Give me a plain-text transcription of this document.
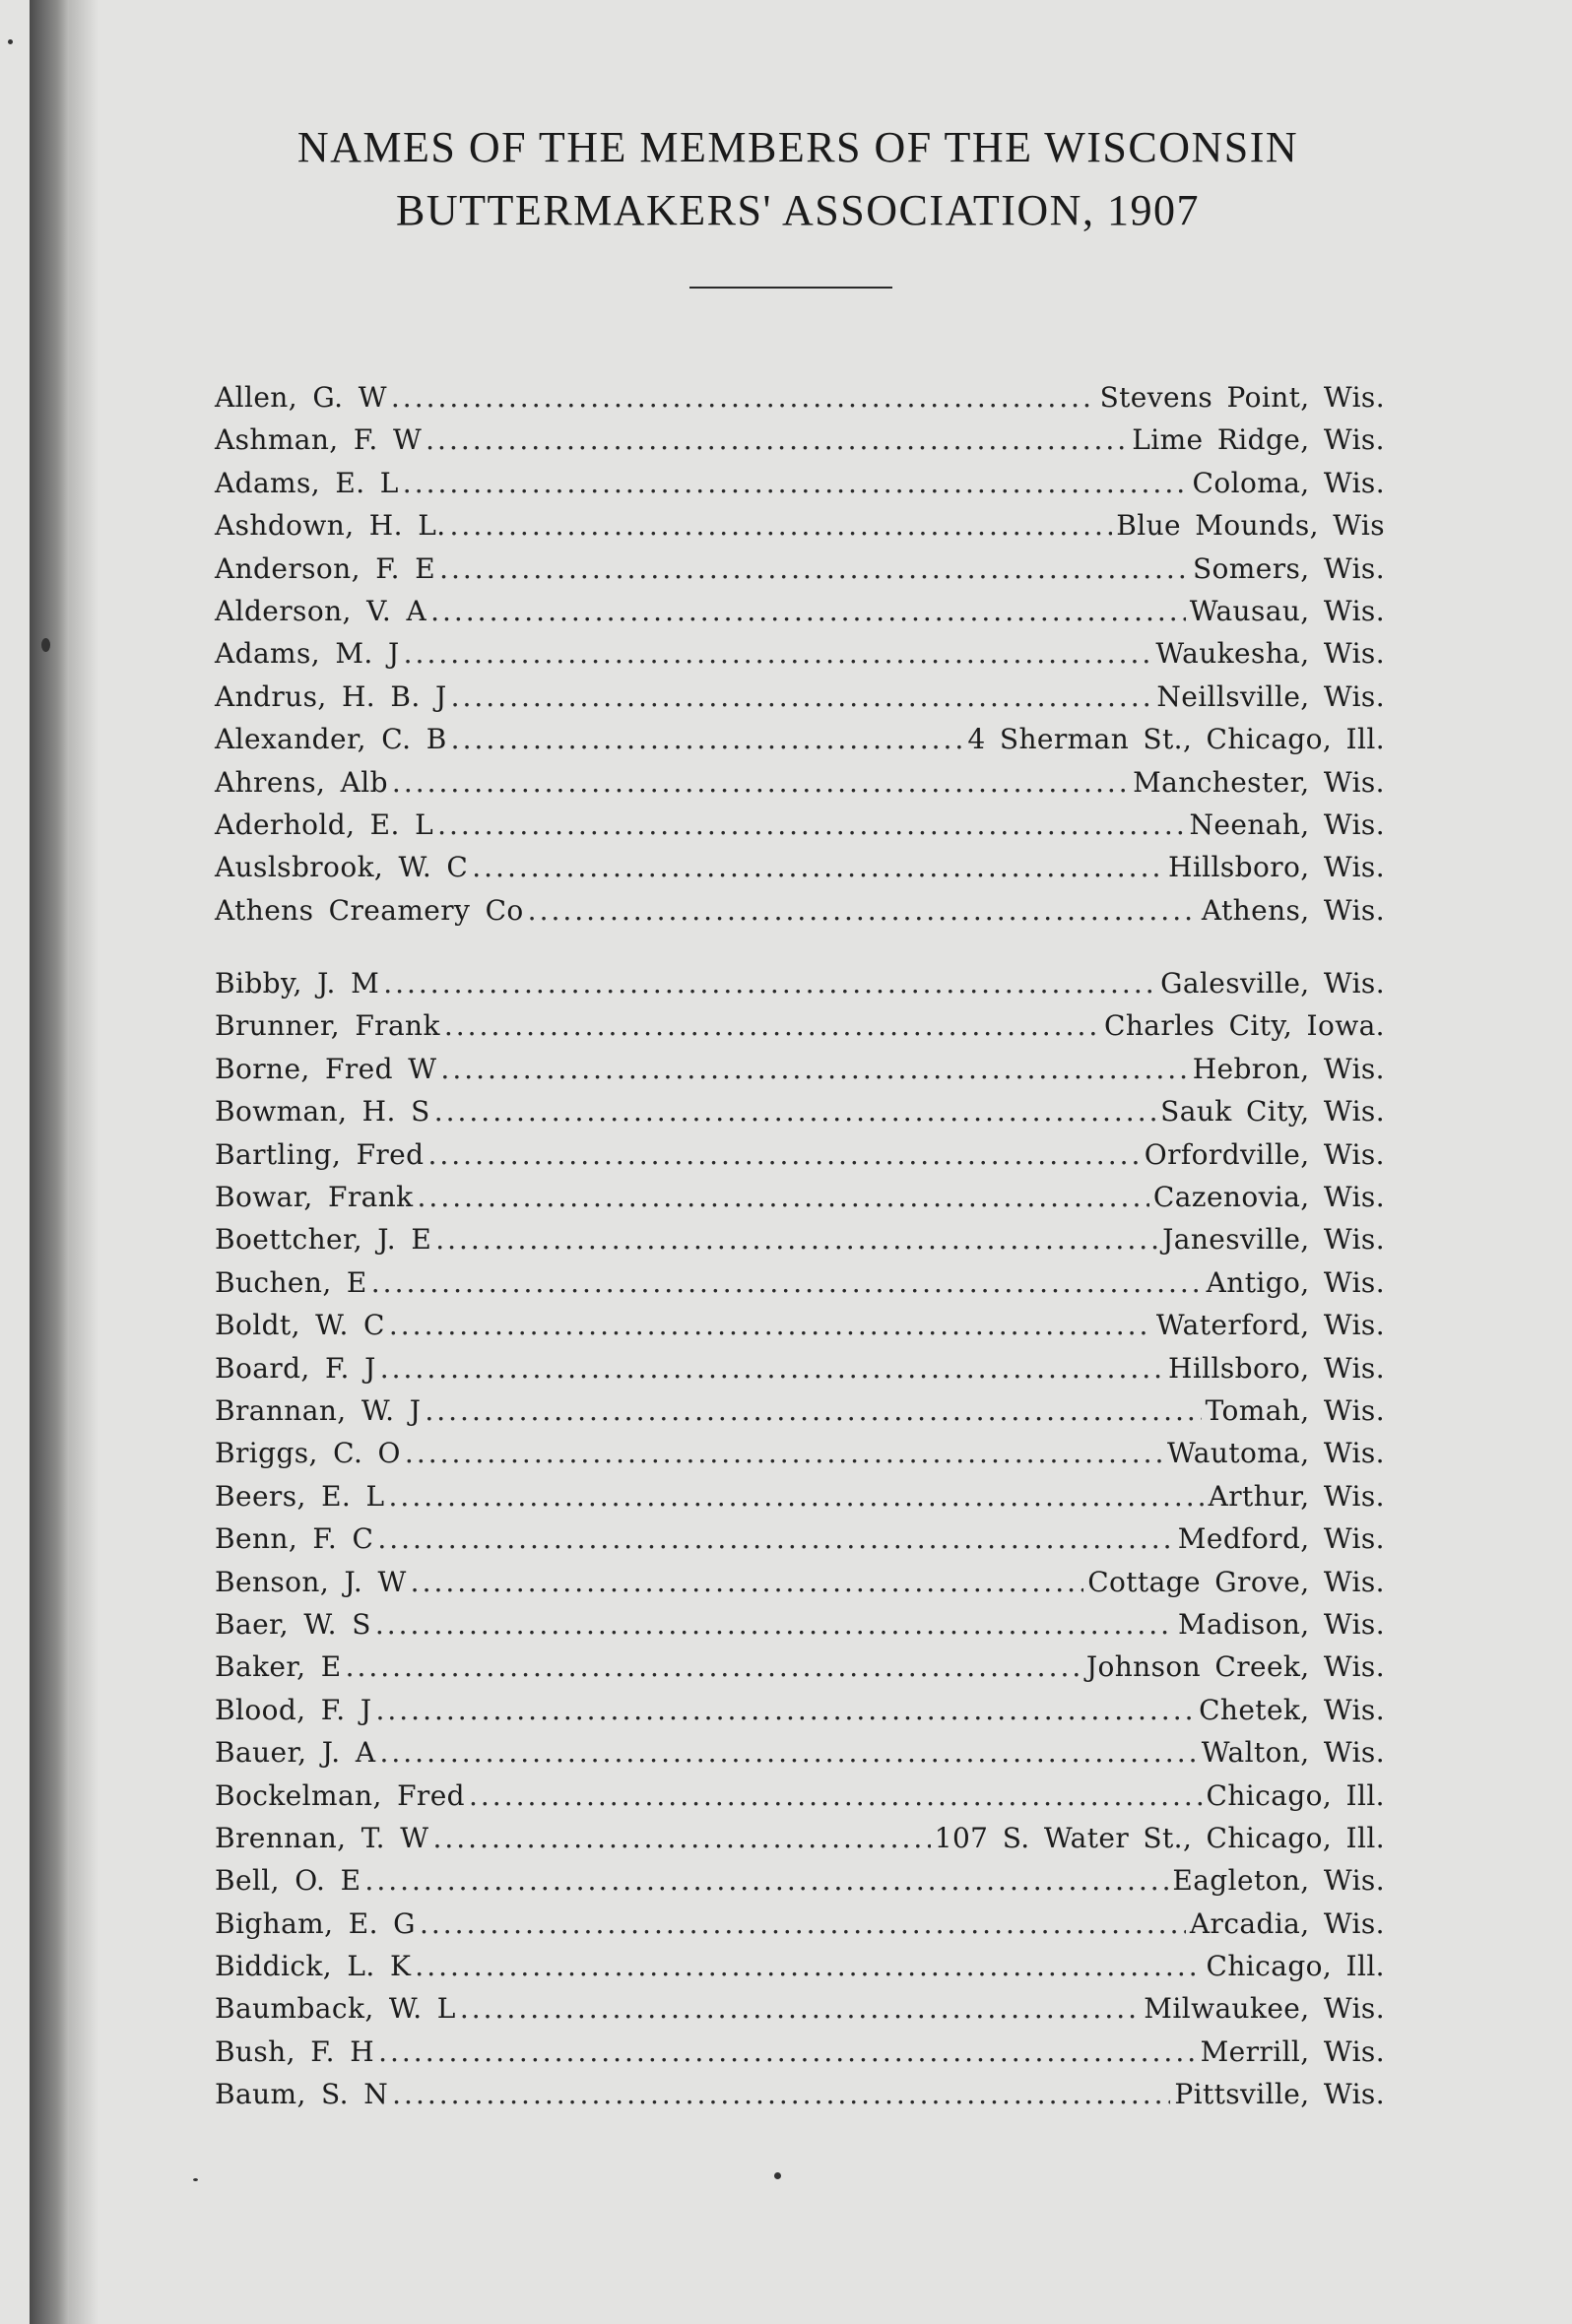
NAMES OF THE MEMBERS OF THE WISCONSIN
BUTTERMAKERS' ASSOCIATION, 1907
Allen, G. W .....	Stevens Point, Wis.
Ashman, F. W .....	Lime Ridge, Wis.
Adams, E. L .....	Coloma, Wis.
Ashdown, H. L. .....	Blue Mounds, Wis
Anderson, F. E .....	Somers, Wis.
Alderson, V. A .....	Wausau, Wis.
Adams, M. J .....	Waukesha, Wis.
Andrus, H. B. J .....	Neillsville, Wis.
Alexander, C. B .....	4 Sherman St., Chicago, Ill.
Ahrens, Alb .....	Manchester, Wis.
Aderhold, E. L .....	Neenah, Wis.
Auslsbrook, W. C .....	Hillsboro, Wis.
Athens Creamery Co .....	Athens, Wis.
Bibby, J. M .....	Galesville, Wis.
Brunner, Frank .....	Charles City, Iowa.
Borne, Fred W .....	Hebron, Wis.
Bowman, H. S .....	Sauk City, Wis.
Bartling, Fred .....	Orfordville, Wis.
Bowar, Frank .....	Cazenovia, Wis.
Boettcher, J. E .....	Janesville, Wis.
Buchen, E .....	Antigo, Wis.
Boldt, W. C .....	Waterford, Wis.
Board, F. J .....	Hillsboro, Wis.
Brannan, W. J .....	Tomah, Wis.
Briggs, C. O .....	Wautoma, Wis.
Beers, E. L .....	Arthur, Wis.
Benn, F. C .....	Medford, Wis.
Benson, J. W .....	Cottage Grove, Wis.
Baer, W. S .....	Madison, Wis.
Baker, E .....	Johnson Creek, Wis.
Blood, F. J .....	Chetek, Wis.
Bauer, J. A .....	Walton, Wis.
Bockelman, Fred .....	Chicago, Ill.
Brennan, T. W .....	107 S. Water St., Chicago, Ill.
Bell, O. E .....	Eagleton, Wis.
Bigham, E. G .....	Arcadia, Wis.
Biddick, L. K .....	Chicago, Ill.
Baumback, W. L .....	Milwaukee, Wis.
Bush, F. H .....	Merrill, Wis.
Baum, S. N .....	Pittsville, Wis.
